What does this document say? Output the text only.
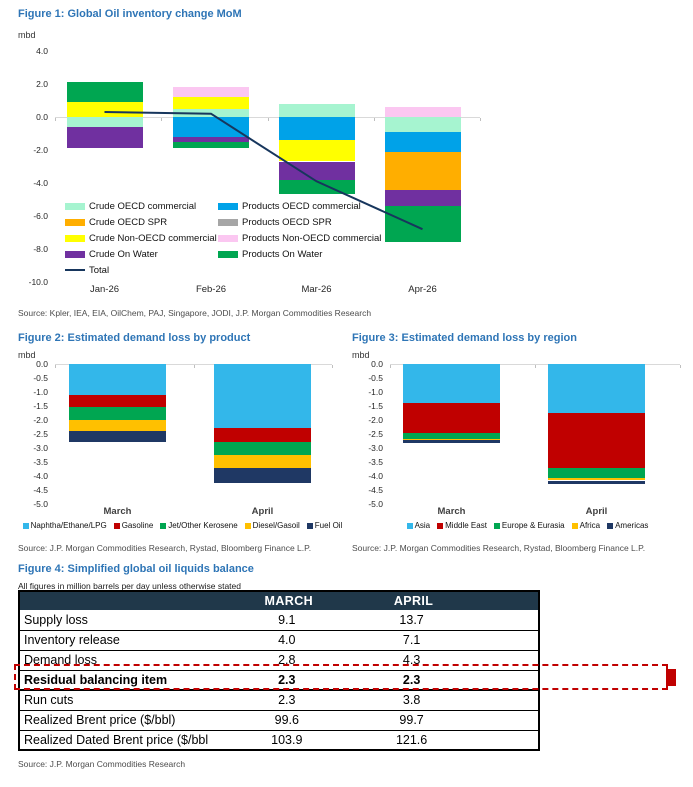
Figure 1: Global Oil inventory change MoM
mbd
Source: Kpler, IEA, EIA, OilChem, PAJ, Singapore, JODI, J.P. Morgan Commodities Research
4.0
2.0
0.0
-2.0
-4.0
-6.0
-8.0
-10.0
Jan-26	Feb-26	Mar-26	Apr-26
Crude OECD commercial
Crude OECD SPR
Crude Non-OECD commercial
Crude On Water
Total
Products OECD commercial
Products OECD SPR
Products Non-OECD commercial
Products On Water
Figure 2: Estimated demand loss by product
mbd
Source: J.P. Morgan Commodities Research, Rystad, Bloomberg Finance L.P.
0.0
-0.5
-1.0
-1.5
-2.0
-2.5
-3.0
-3.5
-4.0
-4.5
-5.0
March	April
Naphtha/Ethane/LPG Gasoline Jet/Other Kerosene Diesel/Gasoil Fuel Oil
Figure 3: Estimated demand loss by region
mbd
Source: J.P. Morgan Commodities Research, Rystad, Bloomberg Finance L.P.
0.0
-0.5
-1.0
-1.5
-2.0
-2.5
-3.0
-3.5
-4.0
-4.5
-5.0
March	April
Asia Middle East Europe & Eurasia Africa Americas
Figure 4: Simplified global oil liquids balance
All figures in million barrels per day unless otherwise stated
	MARCH	APRIL	
Supply loss	9.1	13.7	
Inventory release	4.0	7.1	
Demand loss	2.8	4.3	
Residual balancing item	2.3	2.3	
Run cuts	2.3	3.8	
Realized Brent price ($/bbl)	99.6	99.7	
Realized Dated Brent price ($/bbl	103.9	121.6	
Source: J.P. Morgan Commodities Research
